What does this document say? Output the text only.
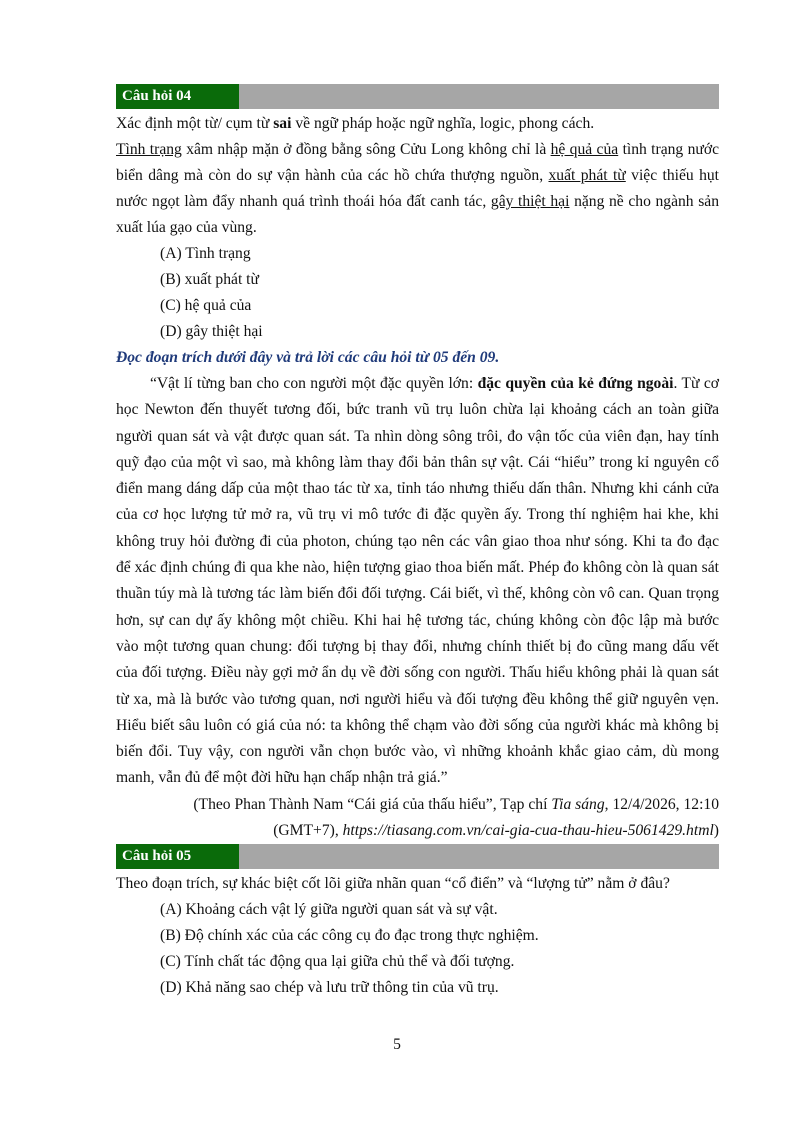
Câu hỏi 04

Xác định một từ/ cụm từ sai về ngữ pháp hoặc ngữ nghĩa, logic, phong cách.

Tình trạng xâm nhập mặn ở đồng bằng sông Cửu Long không chỉ là hệ quả của tình trạng nước biển dâng mà còn do sự vận hành của các hồ chứa thượng nguồn, xuất phát từ việc thiếu hụt nước ngọt làm đẩy nhanh quá trình thoái hóa đất canh tác, gây thiệt hại nặng nề cho ngành sản xuất lúa gạo của vùng.

(A) Tình trạng
(B) xuất phát từ
(C) hệ quả của
(D) gây thiệt hại

Đọc đoạn trích dưới đây và trả lời các câu hỏi từ 05 đến 09.

“Vật lí từng ban cho con người một đặc quyền lớn: đặc quyền của kẻ đứng ngoài. Từ cơ học Newton đến thuyết tương đối, bức tranh vũ trụ luôn chừa lại khoảng cách an toàn giữa người quan sát và vật được quan sát. Ta nhìn dòng sông trôi, đo vận tốc của viên đạn, hay tính quỹ đạo của một vì sao, mà không làm thay đổi bản thân sự vật. Cái “hiểu” trong kỉ nguyên cổ điển mang dáng dấp của một thao tác từ xa, tỉnh táo nhưng thiếu dấn thân. Nhưng khi cánh cửa của cơ học lượng tử mở ra, vũ trụ vi mô tước đi đặc quyền ấy. Trong thí nghiệm hai khe, khi không truy hỏi đường đi của photon, chúng tạo nên các vân giao thoa như sóng. Khi ta đo đạc để xác định chúng đi qua khe nào, hiện tượng giao thoa biến mất. Phép đo không còn là quan sát thuần túy mà là tương tác làm biến đổi đối tượng. Cái biết, vì thế, không còn vô can. Quan trọng hơn, sự can dự ấy không một chiều. Khi hai hệ tương tác, chúng không còn độc lập mà bước vào một tương quan chung: đối tượng bị thay đổi, nhưng chính thiết bị đo cũng mang dấu vết của đối tượng. Điều này gợi mở ẩn dụ về đời sống con người. Thấu hiểu không phải là quan sát từ xa, mà là bước vào tương quan, nơi người hiểu và đối tượng đều không thể giữ nguyên vẹn. Hiểu biết sâu luôn có giá của nó: ta không thể chạm vào đời sống của người khác mà không bị biến đổi. Tuy vậy, con người vẫn chọn bước vào, vì những khoảnh khắc giao cảm, dù mong manh, vẫn đủ để một đời hữu hạn chấp nhận trả giá.”

(Theo Phan Thành Nam “Cái giá của thấu hiểu”, Tạp chí Tia sáng, 12/4/2026, 12:10
(GMT+7), https://tiasang.com.vn/cai-gia-cua-thau-hieu-5061429.html)

Câu hỏi 05

Theo đoạn trích, sự khác biệt cốt lõi giữa nhãn quan “cổ điển” và “lượng tử” nằm ở đâu?

(A) Khoảng cách vật lý giữa người quan sát và sự vật.
(B) Độ chính xác của các công cụ đo đạc trong thực nghiệm.
(C) Tính chất tác động qua lại giữa chủ thể và đối tượng.
(D) Khả năng sao chép và lưu trữ thông tin của vũ trụ.
5
